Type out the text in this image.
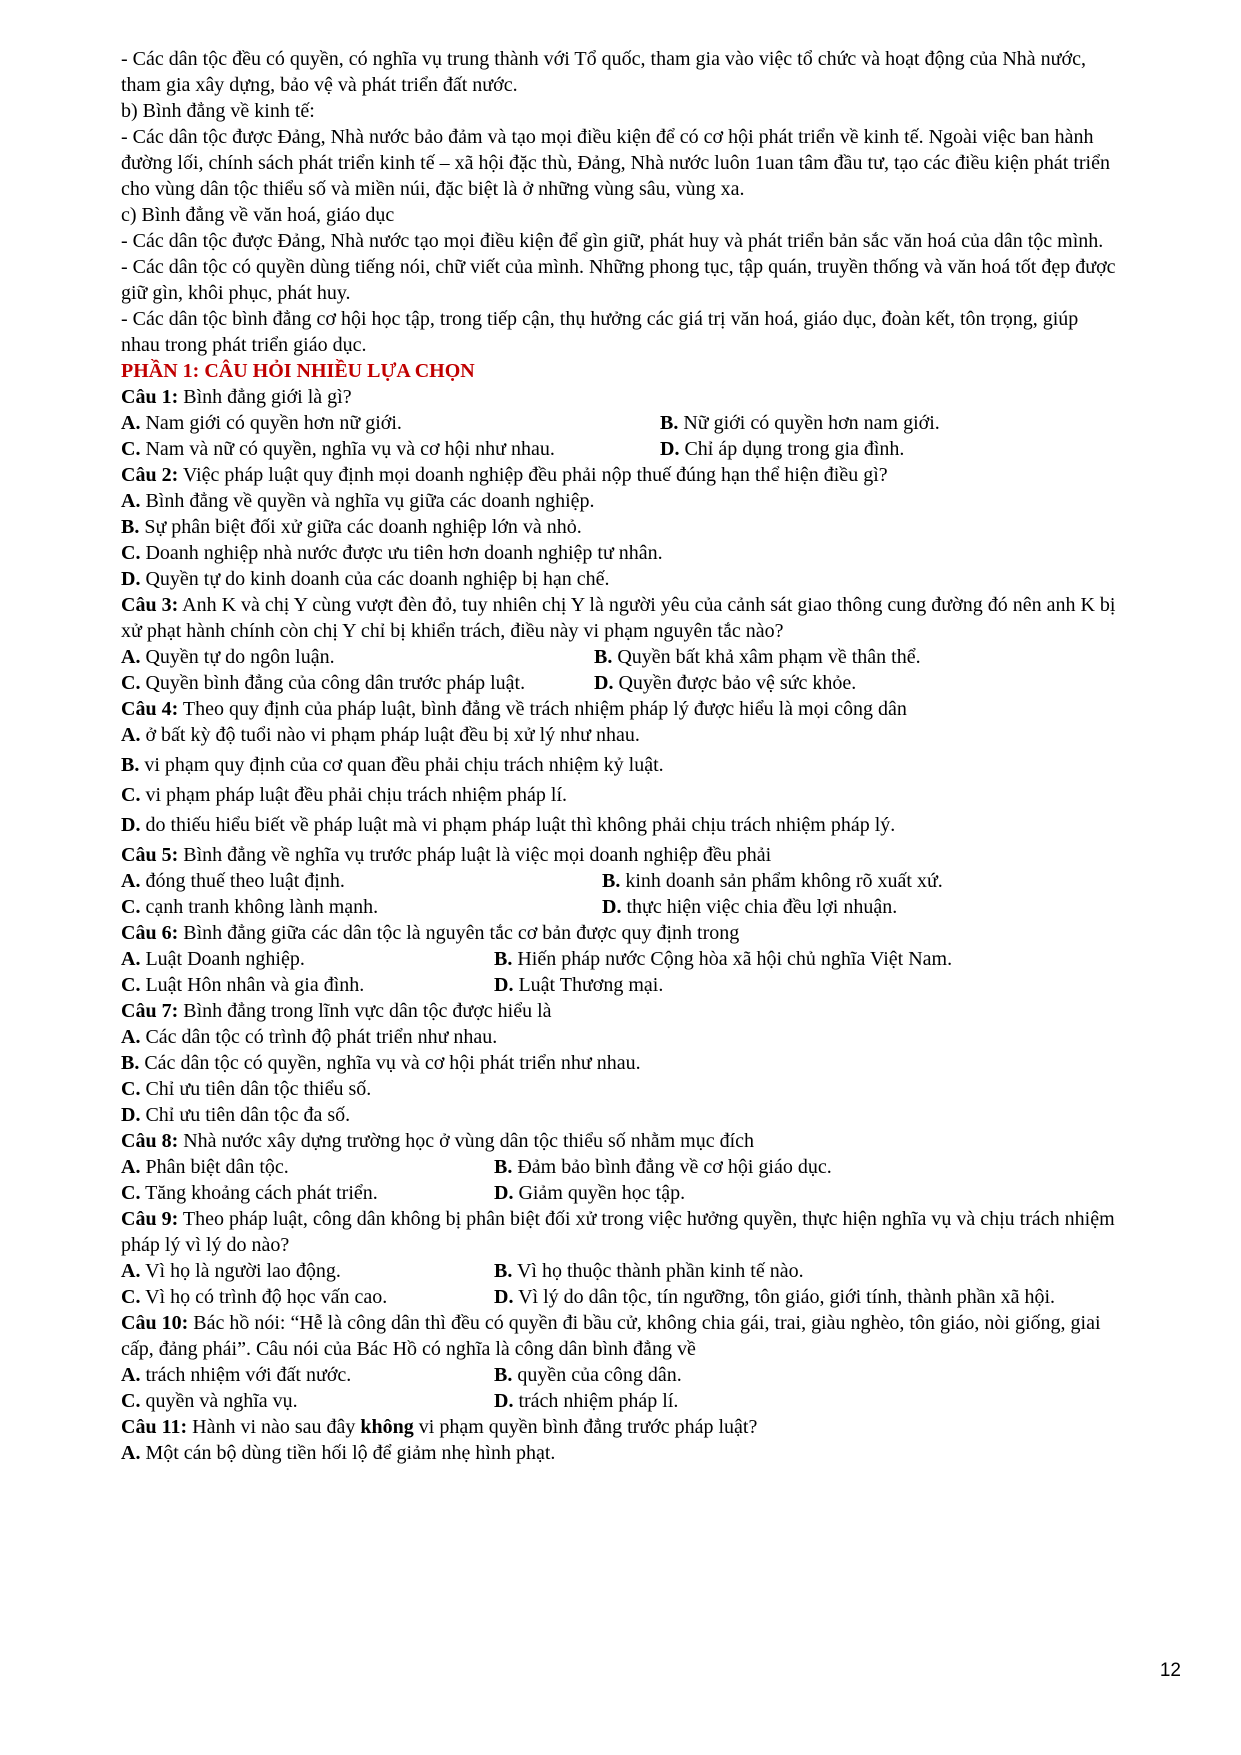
- Các dân tộc đều có quyền, có nghĩa vụ trung thành với Tổ quốc, tham gia vào việc tổ chức và hoạt động của Nhà nước, tham gia xây dựng, bảo vệ và phát triển đất nước.

b) Bình đẳng về kinh tế:

- Các dân tộc được Đảng, Nhà nước bảo đảm và tạo mọi điều kiện để có cơ hội phát triển về kinh tế. Ngoài việc ban hành đường lối, chính sách phát triển kinh tế – xã hội đặc thù, Đảng, Nhà nước luôn 1uan tâm đầu tư, tạo các điều kiện phát triển cho vùng dân tộc thiểu số và miền núi, đặc biệt là ở những vùng sâu, vùng xa.

c) Bình đẳng về văn hoá, giáo dục

- Các dân tộc được Đảng, Nhà nước tạo mọi điều kiện để gìn giữ, phát huy và phát triển bản sắc văn hoá của dân tộc mình.

- Các dân tộc có quyền dùng tiếng nói, chữ viết của mình. Những phong tục, tập quán, truyền thống và văn hoá tốt đẹp được giữ gìn, khôi phục, phát huy.

- Các dân tộc bình đẳng cơ hội học tập, trong tiếp cận, thụ hưởng các giá trị văn hoá, giáo dục, đoàn kết, tôn trọng, giúp nhau trong phát triển giáo dục.

PHẦN 1: CÂU HỎI NHIỀU LỰA CHỌN

Câu 1: Bình đẳng giới là gì?

A. Nam giới có quyền hơn nữ giới.	B. Nữ giới có quyền hơn nam giới.
C. Nam và nữ có quyền, nghĩa vụ và cơ hội như nhau.	D. Chỉ áp dụng trong gia đình.

Câu 2: Việc pháp luật quy định mọi doanh nghiệp đều phải nộp thuế đúng hạn thể hiện điều gì?

A. Bình đẳng về quyền và nghĩa vụ giữa các doanh nghiệp.

B. Sự phân biệt đối xử giữa các doanh nghiệp lớn và nhỏ.

C. Doanh nghiệp nhà nước được ưu tiên hơn doanh nghiệp tư nhân.

D. Quyền tự do kinh doanh của các doanh nghiệp bị hạn chế.

Câu 3: Anh K và chị Y cùng vượt đèn đỏ, tuy nhiên chị Y là người yêu của cảnh sát giao thông cung đường đó nên anh K bị xử phạt hành chính còn chị Y chỉ bị khiển trách, điều này vi phạm nguyên tắc nào?

A. Quyền tự do ngôn luận.	B. Quyền bất khả xâm phạm về thân thể.
C. Quyền bình đẳng của công dân trước pháp luật.	D. Quyền được bảo vệ sức khỏe.

Câu 4: Theo quy định của pháp luật, bình đẳng về trách nhiệm pháp lý được hiểu là mọi công dân

A. ở bất kỳ độ tuổi nào vi phạm pháp luật đều bị xử lý như nhau.

B. vi phạm quy định của cơ quan đều phải chịu trách nhiệm kỷ luật.

C. vi phạm pháp luật đều phải chịu trách nhiệm pháp lí.

D. do thiếu hiểu biết về pháp luật mà vi phạm pháp luật thì không phải chịu trách nhiệm pháp lý.

Câu 5: Bình đẳng về nghĩa vụ trước pháp luật là việc mọi doanh nghiệp đều phải

A. đóng thuế theo luật định.	B. kinh doanh sản phẩm không rõ xuất xứ.
C. cạnh tranh không lành mạnh.	D. thực hiện việc chia đều lợi nhuận.

Câu 6: Bình đẳng giữa các dân tộc là nguyên tắc cơ bản được quy định trong

A. Luật Doanh nghiệp.	B. Hiến pháp nước Cộng hòa xã hội chủ nghĩa Việt Nam.
C. Luật Hôn nhân và gia đình.	D. Luật Thương mại.

Câu 7: Bình đẳng trong lĩnh vực dân tộc được hiểu là

A. Các dân tộc có trình độ phát triển như nhau.

B. Các dân tộc có quyền, nghĩa vụ và cơ hội phát triển như nhau.

C. Chỉ ưu tiên dân tộc thiểu số.

D. Chỉ ưu tiên dân tộc đa số.

Câu 8: Nhà nước xây dựng trường học ở vùng dân tộc thiểu số nhằm mục đích

A. Phân biệt dân tộc.	B. Đảm bảo bình đẳng về cơ hội giáo dục.
C. Tăng khoảng cách phát triển.	D. Giảm quyền học tập.

Câu 9: Theo pháp luật, công dân không bị phân biệt đối xử trong việc hưởng quyền, thực hiện nghĩa vụ và chịu trách nhiệm pháp lý vì lý do nào?

A. Vì họ là người lao động.	B. Vì họ thuộc thành phần kinh tế nào.
C. Vì họ có trình độ học vấn cao.	D. Vì lý do dân tộc, tín ngưỡng, tôn giáo, giới tính, thành phần xã hội.

Câu 10: Bác hồ nói: “Hễ là công dân thì đều có quyền đi bầu cử, không chia gái, trai, giàu nghèo, tôn giáo, nòi giống, giai cấp, đảng phái”. Câu nói của Bác Hồ có nghĩa là công dân bình đẳng về

A. trách nhiệm với đất nước.	B. quyền của công dân.
C. quyền và nghĩa vụ.	D. trách nhiệm pháp lí.

Câu 11: Hành vi nào sau đây không vi phạm quyền bình đẳng trước pháp luật?

A. Một cán bộ dùng tiền hối lộ để giảm nhẹ hình phạt.

12
